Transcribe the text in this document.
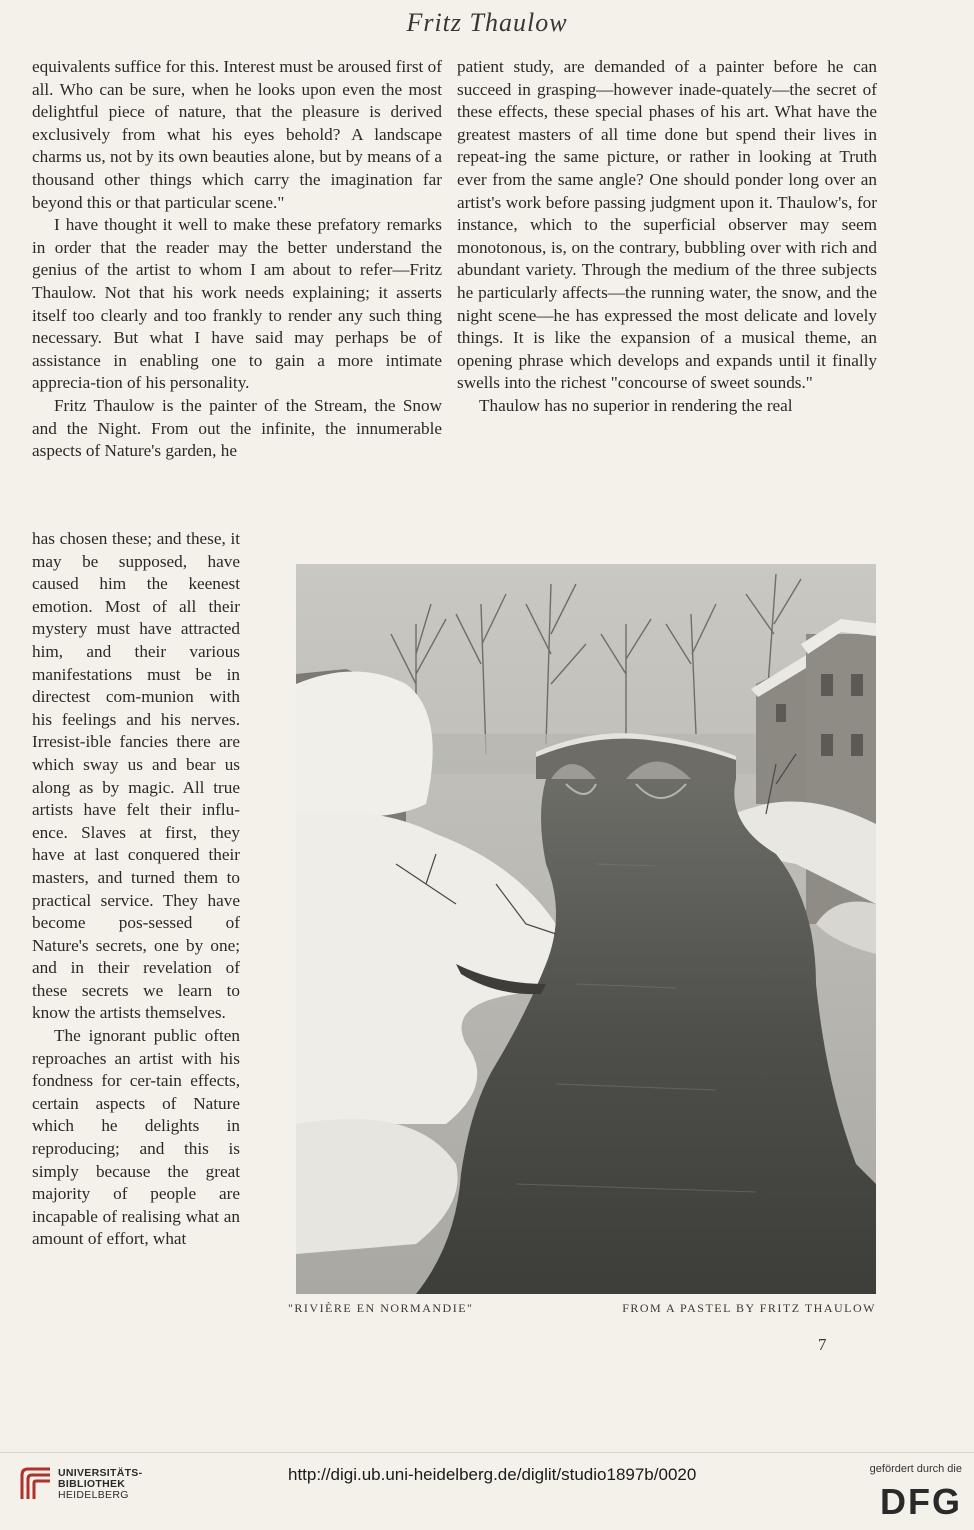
Fritz Thaulow

equivalents suffice for this. Interest must be aroused first of all. Who can be sure, when he looks upon even the most delightful piece of nature, that the pleasure is derived exclusively from what his eyes behold? A landscape charms us, not by its own beauties alone, but by means of a thousand other things which carry the imagination far beyond this or that particular scene."

I have thought it well to make these prefatory remarks in order that the reader may the better understand the genius of the artist to whom I am about to refer—Fritz Thaulow. Not that his work needs explaining; it asserts itself too clearly and too frankly to render any such thing necessary. But what I have said may perhaps be of assistance in enabling one to gain a more intimate apprecia-tion of his personality.

Fritz Thaulow is the painter of the Stream, the Snow and the Night. From out the infinite, the innumerable aspects of Nature's garden, he

has chosen these; and these, it may be supposed, have caused him the keenest emotion. Most of all their mystery must have attracted him, and their various manifestations must be in directest com-munion with his feelings and his nerves. Irresist-ible fancies there are which sway us and bear us along as by magic. All true artists have felt their influ-ence. Slaves at first, they have at last conquered their masters, and turned them to practical service. They have become pos-sessed of Nature's secrets, one by one; and in their revelation of these secrets we learn to know the artists themselves.

The ignorant public often reproaches an artist with his fondness for cer-tain effects, certain aspects of Nature which he delights in reproducing; and this is simply because the great majority of people are incapable of realising what an amount of effort, what

patient study, are demanded of a painter before he can succeed in grasping—however inade-quately—the secret of these effects, these special phases of his art. What have the greatest masters of all time done but spend their lives in repeat-ing the same picture, or rather in looking at Truth ever from the same angle? One should ponder long over an artist's work before passing judgment upon it. Thaulow's, for instance, which to the superficial observer may seem monotonous, is, on the contrary, bubbling over with rich and abundant variety. Through the medium of the three subjects he particularly affects—the running water, the snow, and the night scene—he has expressed the most delicate and lovely things. It is like the expansion of a musical theme, an opening phrase which develops and expands until it finally swells into the richest "concourse of sweet sounds."

Thaulow has no superior in rendering the real

"RIVIÈRE EN NORMANDIE"	FROM A PASTEL BY FRITZ THAULOW
7
UNIVERSITÄTS-
BIBLIOTHEK
HEIDELBERG
http://digi.ub.uni-heidelberg.de/diglit/studio1897b/0020	gefördert durch die
DFG
